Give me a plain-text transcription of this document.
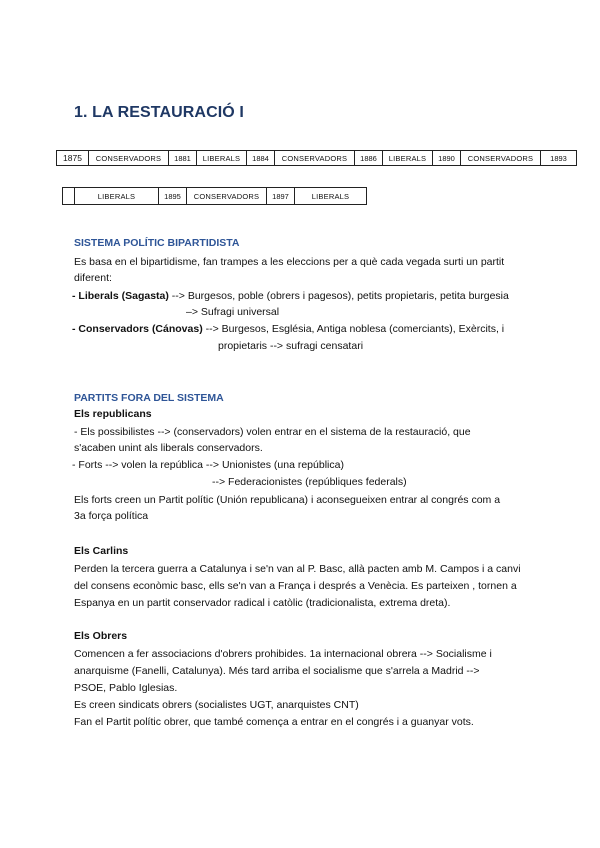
1. LA RESTAURACIÓ I
1875	CONSERVADORS	1881	LIBERALS	1884	CONSERVADORS	1886	LIBERALS	1890	CONSERVADORS	1893
	LIBERALS	1895	CONSERVADORS	1897	LIBERALS
SISTEMA POLÍTIC BIPARTIDISTA
Es basa en el bipartidisme, fan trampes a les eleccions per a què cada vegada surti un partit
diferent:
- Liberals (Sagasta) --> Burgesos, poble (obrers i pagesos), petits propietaris, petita burgesia
–> Sufragi universal
- Conservadors (Cánovas) --> Burgesos, Església, Antiga noblesa (comerciants), Exèrcits, i
propietaris --> sufragi censatari
PARTITS FORA DEL SISTEMA
Els republicans
- Els possibilistes --> (conservadors) volen entrar en el sistema de la restauració, que
s'acaben unint als liberals conservadors.
- Forts --> volen la república --> Unionistes (una república)
--> Federacionistes (repúbliques federals)
Els forts creen un Partit polític (Unión republicana) i aconsegueixen entrar al congrés com a
3a força política
Els Carlins
Perden la tercera guerra a Catalunya i se'n van al P. Basc, allà pacten amb M. Campos i a canvi
del consens econòmic basc, ells se'n van a França i després a Venècia. Es parteixen , tornen a
Espanya en un partit conservador radical i catòlic (tradicionalista, extrema dreta).
Els Obrers
Comencen a fer associacions d'obrers prohibides. 1a internacional obrera --> Socialisme i
anarquisme (Fanelli, Catalunya). Més tard arriba el socialisme que s'arrela a Madrid -->
PSOE, Pablo Iglesias.
Es creen sindicats obrers (socialistes UGT, anarquistes CNT)
Fan el Partit polític obrer, que també comença a entrar en el congrés i a guanyar vots.
